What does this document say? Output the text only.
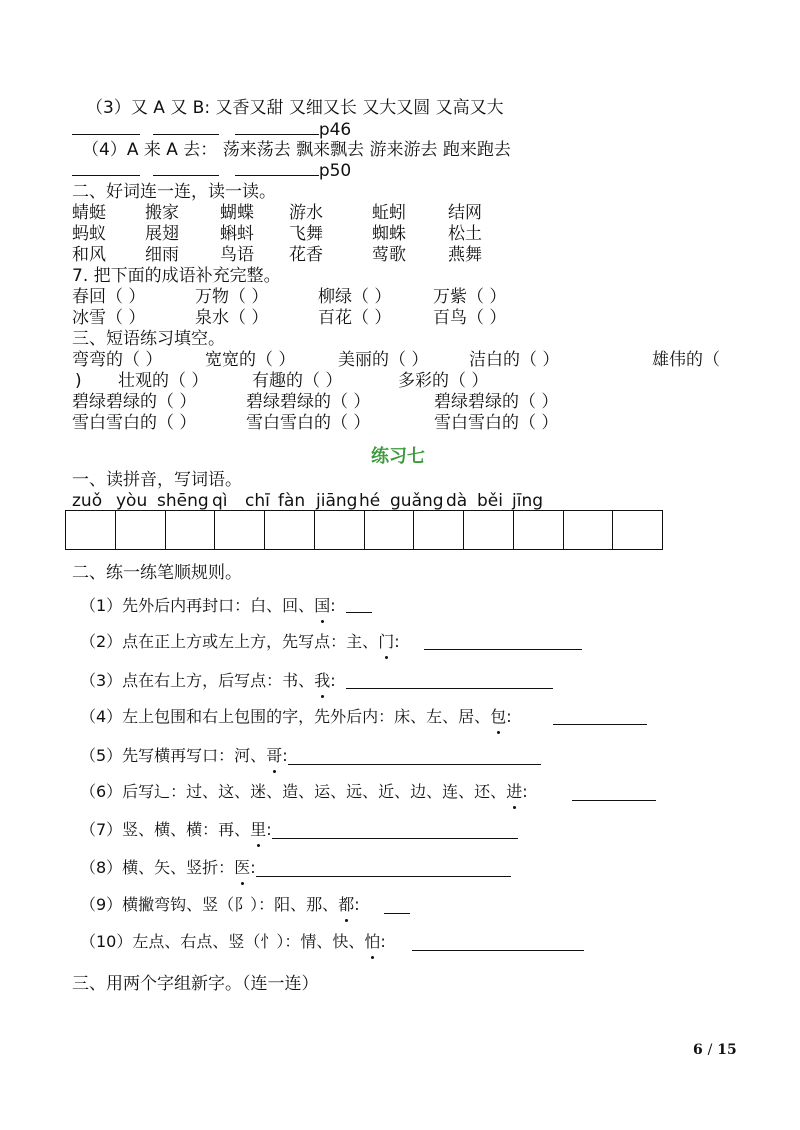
（3）又 A 又 B: 又香又甜 又细又长 又大又圆 又高又大
p46
（4）A 来 A 去： 荡来荡去 飘来飘去 游来游去 跑来跑去
p50
二、好词连一连，读一读。
蜻蜓 搬家 蝴蝶 游水	蚯蚓 结网
蚂蚁 展翅 蝌蚪 飞舞	蜘蛛 松土
和风 细雨 鸟语 花香	莺歌 燕舞
7. 把下面的成语补充完整。
春回（ ）	万物（ ）	柳绿（ ） 万紫（ ）
冰雪（ ）	泉水（ ）	百花（ ） 百鸟（ ）
三、短语练习填空。
弯弯的（ ）	宽宽的（ ）	美丽的（ ） 洁白的（ ）	雄伟的（
) 壮观的（ ）	有趣的（ ）	多彩的（ ）
碧绿碧绿的（ ）	碧绿碧绿的（ ）	碧绿碧绿的（ ）
雪白雪白的（ ）	雪白雪白的（ ）	雪白雪白的（ ）
练习七
一、读拼音，写词语。
zuǒ yòu shēng qì chī fàn jiāng hé guǎng dà běi jīng
二、练一练笔顺规则。
（1）先外后内再封口：白、回、国:
（2）点在正上方或左上方，先写点：主、门:
（3）点在右上方，后写点：书、我:
（4）左上包围和右上包围的字，先外后内：床、左、居、包:
（5）先写横再写口：河、哥:
（6）后写辶：过、这、迷、造、运、远、近、边、连、还、进:
（7）竖、横、横：再、里:
（8）横、矢、竖折：医:
（9）横撇弯钩、竖（阝）：阳、那、都:
（10）左点、右点、竖（忄）：情、快、怕:
三、用两个字组新字。（连一连）
6 / 15
